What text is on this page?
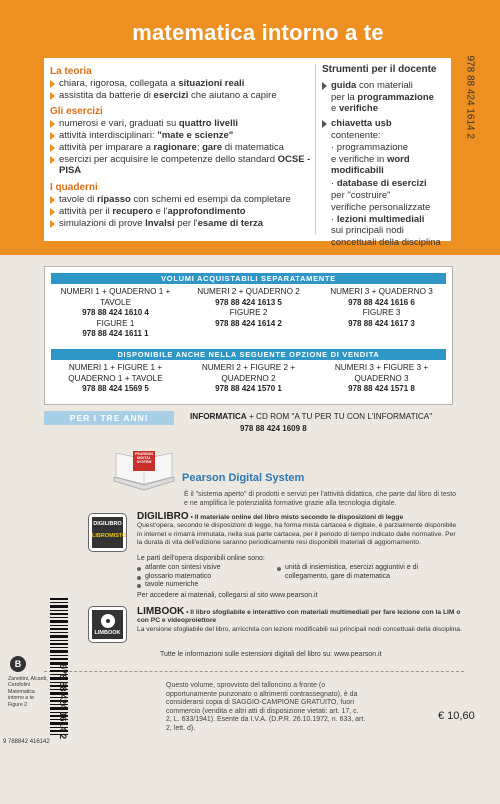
matematica intorno a te
La teoria
chiara, rigorosa, collegata a situazioni reali
assistita da batterie di esercizi che aiutano a capire
Gli esercizi
numerosi e vari, graduati su quattro livelli
attività interdisciplinari: "mate e scienze"
attività per imparare a ragionare; gare di matematica
esercizi per acquisire le competenze dello standard OCSE - PISA
I quaderni
tavole di ripasso con schemi ed esempi da completare
attività per il recupero e l'approfondimento
simulazioni di prove Invalsi per l'esame di terza
Strumenti per il docente
guida con materiali
per la programmazione
e verifiche
chiavetta usb
contenente:
· programmazione
e verifiche in word
modificabili
· database di esercizi
per "costruire"
verifiche personalizzate
· lezioni multimediali
sui principali nodi
concettuali della disciplina
978 88 424 1614 2
VOLUMI ACQUISTABILI SEPARATAMENTE
NUMERI 1 + QUADERNO 1 + TAVOLE
978 88 424 1610 4
FIGURE 1
978 88 424 1611 1
NUMERI 2 + QUADERNO 2
978 88 424 1613 5
FIGURE 2
978 88 424 1614 2
NUMERI 3 + QUADERNO 3
978 88 424 1616 6
FIGURE 3
978 88 424 1617 3
DISPONIBILE ANCHE NELLA SEGUENTE OPZIONE DI VENDITA
NUMERI 1 + FIGURE 1 +
QUADERNO 1 + TAVOLE
978 88 424 1569 5
NUMERI 2 + FIGURE 2 +
QUADERNO 2
978 88 424 1570 1
NUMERI 3 + FIGURE 3 +
QUADERNO 3
978 88 424 1571 8
PER I TRE ANNI	INFORMATICA + CD ROM "A TU PER TU CON L'INFORMATICA"
978 88 424 1609 8
PEARSON DIGITAL SYSTEM
Pearson Digital System
È il "sistema aperto" di prodotti e servizi per l'attività didattica, che parte dal libro di testo e ne amplifica le potenzialità formative grazie alla tecnologia digitale.
DIGILIBRO
LIBROMISTO
DIGILIBRO • Il materiale online del libro misto secondo le disposizioni di legge
Quest'opera, secondo le disposizioni di legge, ha forma mista cartacea e digitale, è parzialmente disponibile in internet e rimarrà immutata, nella sua parte cartacea, per il periodo di tempo indicato dalle normative. Per la durata di vita dell'edizione saranno periodicamente resi disponibili materiali di aggiornamento.
Le parti dell'opera disponibili online sono:
atlante con sintesi visive
glossario matematico
tavole numeriche
unità di insiemistica, esercizi aggiuntivi e di
collegamento, gare di matematica
Per accedere ai materiali, collegarsi al sito www.pearson.it
LIMBOOK
LIMBOOK • Il libro sfogliabile e interattivo con materiali multimediali per fare lezione con la LIM o con PC e videoproiettore
La versione sfogliabile del libro, arricchita con lezioni modificabili sui principali nodi concettuali della disciplina.
Tutte le informazioni sulle estensioni digitali del libro su: www.pearson.it
Questo volume, sprovvisto del talloncino a fronte (o opportunamente punzonato o altrimenti contrassegnato), è da considerarsi copia di SAGGIO-CAMPIONE GRATUITO, fuori commercio (vendita e altri atti di disposizione vietati: art. 17, c. 2, L. 633/1941). Esente da I.V.A. (D.P.R. 26.10.1972, n. 633, art. 2, lett. d).
€ 10,60
B
Zanettini, Alcardi,
Cerofolini
Matematica
intorno a te
Figure 2	978 88 424 1614 2
9 788842 416142
